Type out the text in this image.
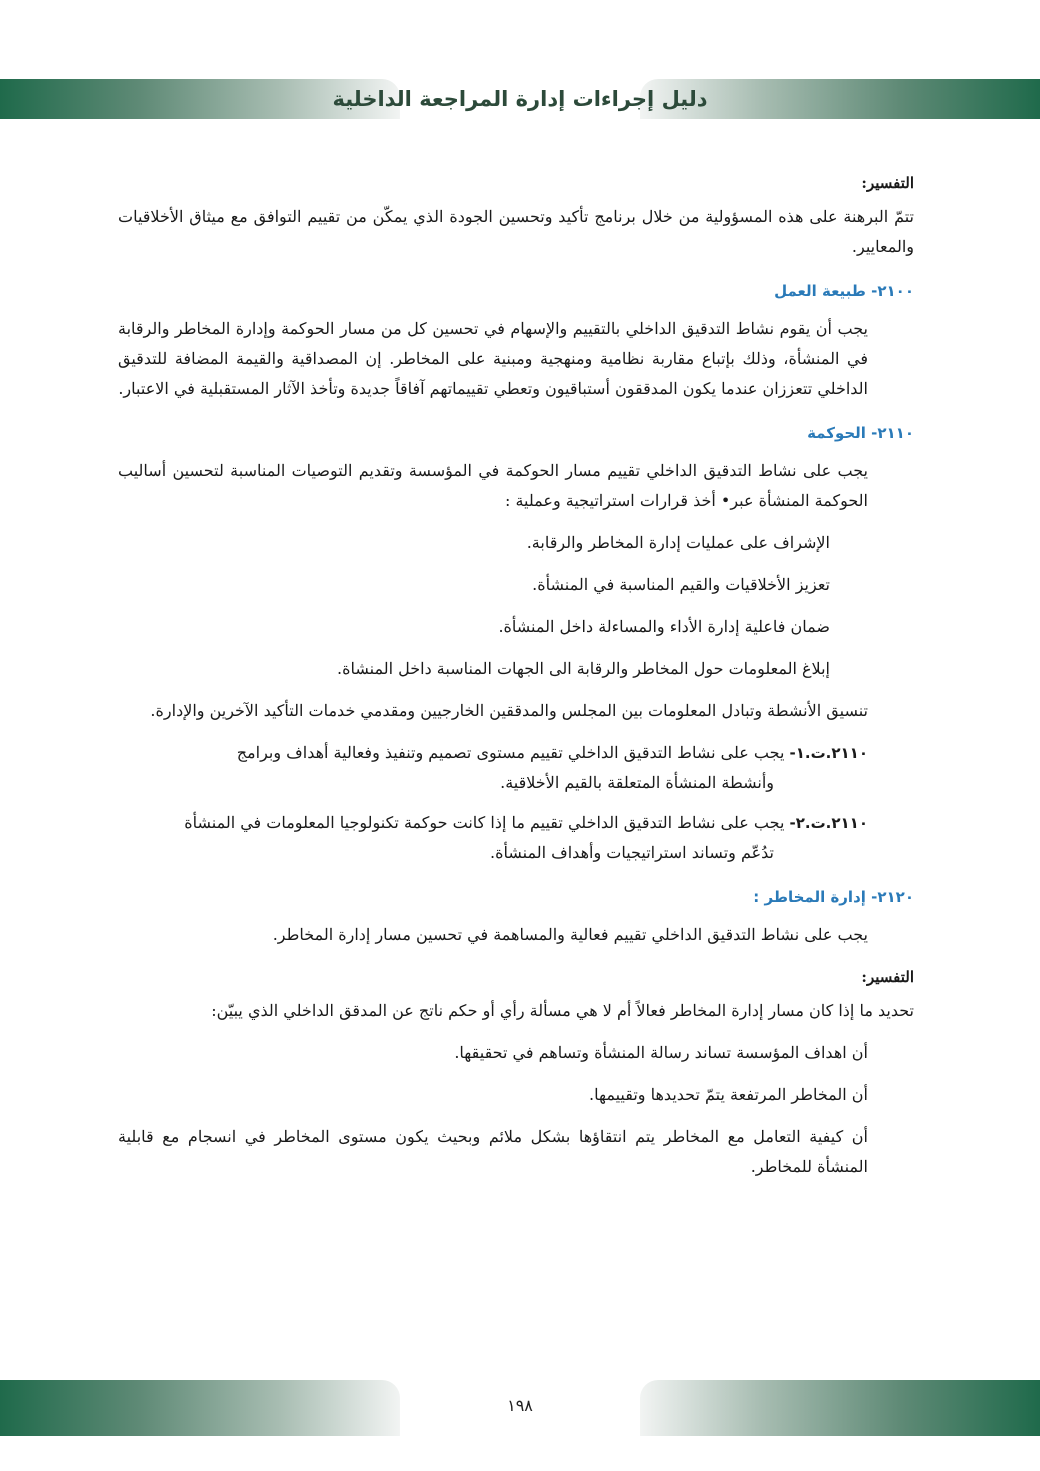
دليل إجراءات إدارة المراجعة الداخلية

التفسير:

تتمّ البرهنة على هذه المسؤولية من خلال برنامج تأكيد وتحسين الجودة الذي يمكّن من تقييم التوافق مع ميثاق الأخلاقيات والمعايير.

٢١٠٠- طبيعة العمل

يجب أن يقوم نشاط التدقيق الداخلي بالتقييم والإسهام في تحسين كل من مسار الحوكمة وإدارة المخاطر والرقابة في المنشأة، وذلك بإتباع مقاربة نظامية ومنهجية ومبنية على المخاطر. إن المصداقية والقيمة المضافة للتدقيق الداخلي تتعززان عندما يكون المدققون أستباقيون وتعطي تقييماتهم آفاقاً جديدة وتأخذ الآثار المستقبلية في الاعتبار.

٢١١٠- الحوكمة

يجب على نشاط التدقيق الداخلي تقييم مسار الحوكمة في المؤسسة وتقديم التوصيات المناسبة لتحسين أساليب الحوكمة المنشأة عبر• أخذ قرارات استراتيجية وعملية :

الإشراف على عمليات إدارة المخاطر والرقابة.

تعزيز الأخلاقيات والقيم المناسبة في المنشأة.

ضمان فاعلية إدارة الأداء والمساءلة داخل المنشأة.

إبلاغ المعلومات حول المخاطر والرقابة الى الجهات المناسبة داخل المنشاة.

تنسيق الأنشطة وتبادل المعلومات بين المجلس والمدققين الخارجيين ومقدمي خدمات التأكيد الآخرين والإدارة.

٢١١٠.ت.١- يجب على نشاط التدقيق الداخلي تقييم مستوى تصميم وتنفيذ وفعالية أهداف وبرامج
وأنشطة المنشأة المتعلقة بالقيم الأخلاقية.

٢١١٠.ت.٢- يجب على نشاط التدقيق الداخلي تقييم ما إذا كانت حوكمة تكنولوجيا المعلومات في المنشأة
تدُعّم وتساند استراتيجيات وأهداف المنشأة.

٢١٢٠- إدارة المخاطر :

يجب على نشاط التدقيق الداخلي تقييم فعالية والمساهمة في تحسين مسار إدارة المخاطر.

التفسير:

تحديد ما إذا كان مسار إدارة المخاطر فعالاً أم لا هي مسألة رأي أو حكم ناتج عن المدقق الداخلي الذي يبيّن:

أن اهداف المؤسسة تساند رسالة المنشأة وتساهم في تحقيقها.

أن المخاطر المرتفعة يتمّ تحديدها وتقييمها.

أن كيفية التعامل مع المخاطر يتم انتقاؤها بشكل ملائم وبحيث يكون مستوى المخاطر في انسجام مع قابلية المنشأة للمخاطر.

١٩٨
